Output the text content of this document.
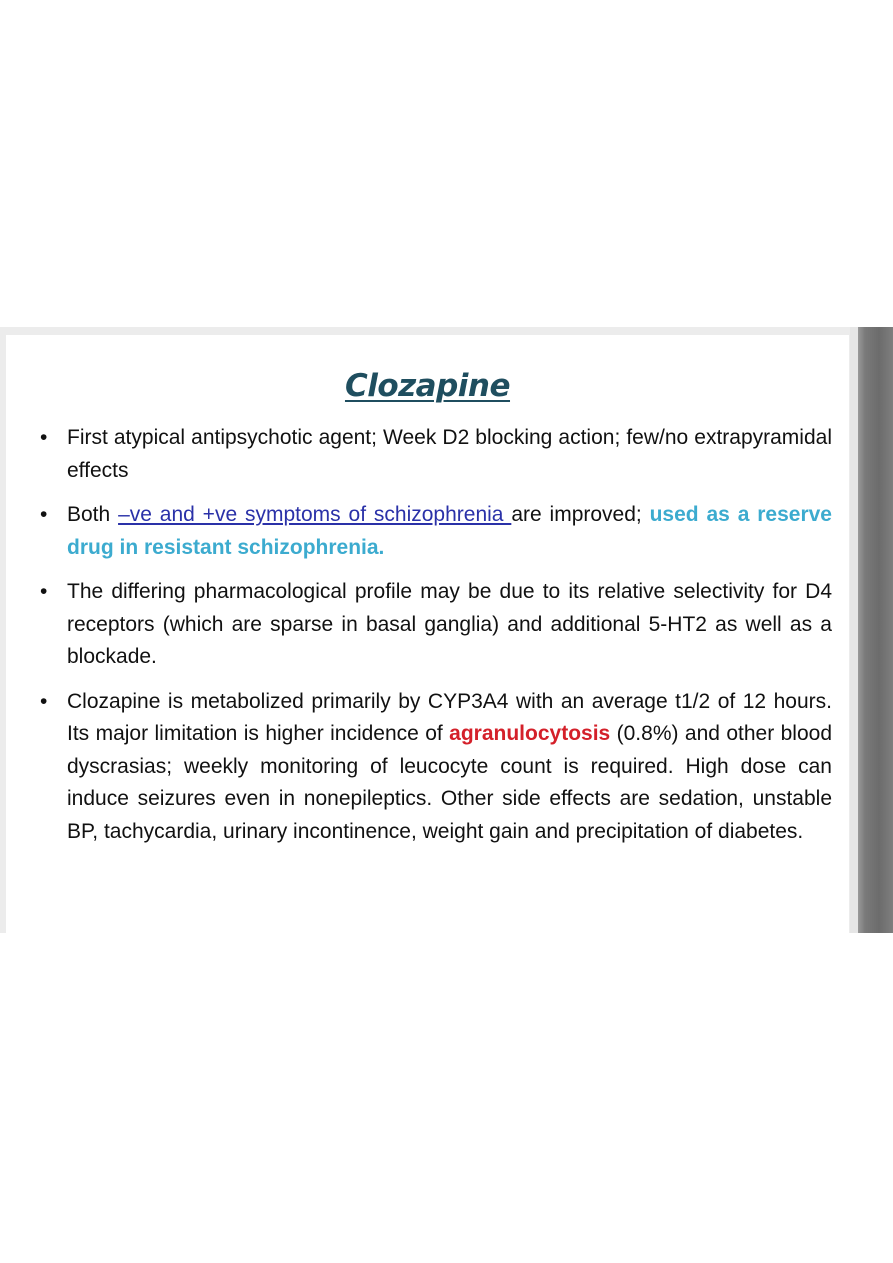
Clozapine
• First atypical antipsychotic agent; Week D2 blocking action; few/no extrapyramidal effects
• Both –ve and +ve symptoms of schizophrenia are improved; used as a reserve drug in resistant schizophrenia.
• The differing pharmacological profile may be due to its relative selectivity for D4 receptors (which are sparse in basal ganglia) and additional 5-HT2 as well as a blockade.
• Clozapine is metabolized primarily by CYP3A4 with an average t1/2 of 12 hours. Its major limitation is higher incidence of agranulocytosis (0.8%) and other blood dyscrasias; weekly monitoring of leucocyte count is required. High dose can induce seizures even in nonepileptics. Other side effects are sedation, unstable BP, tachycardia, urinary incontinence, weight gain and precipitation of diabetes.
